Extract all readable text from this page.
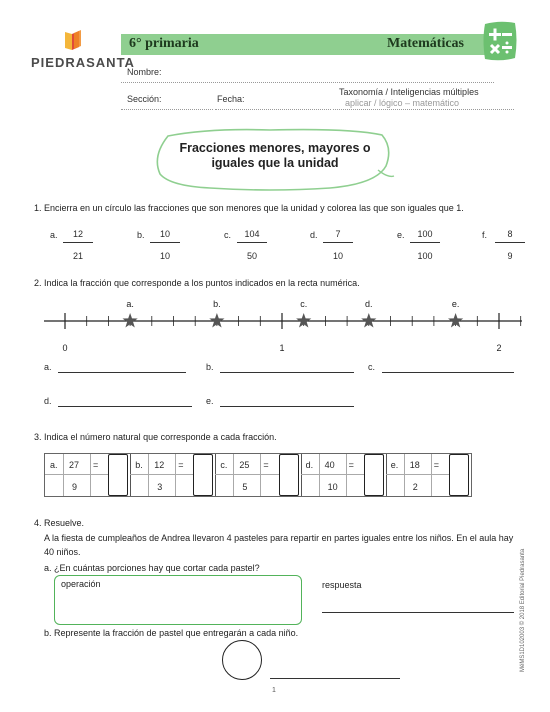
PIEDRASANTA
6° primaria	Matemáticas
Nombre:
Sección:	Fecha:
Taxonomía / Inteligencias múltiples
aplicar / lógico – matemático
Fracciones menores, mayores o
iguales que la unidad
1. Encierra en un círculo las fracciones que son menores que la unidad y colorea las que son iguales que 1.
a. $\frac{12}{21}$	b. $\frac{10}{10}$	c. $\frac{104}{50}$	d. $\frac{7}{10}$	e. $\frac{100}{100}$	f. $\frac{8}{9}$
2. Indica la fracción que corresponde a los puntos indicados en la recta numérica.
0	1	2
a.	b.	c.	d.	e.
a.	b.	c.
d.	e.
3. Indica el número natural que corresponde a cada fracción.
a. 27
9
=	b. 12
3
=	c. 25
5
=	d. 40
10
=	e. 18
2
=
4. Resuelve.
A la fiesta de cumpleaños de Andrea llevaron 4 pasteles para repartir en partes iguales entre los niños. En el aula hay
40 niños.
a. ¿En cuántas porciones hay que cortar cada pastel?
operación	respuesta
b. Represente la fracción de pastel que entregarán a cada niño.
1
MéMS1D102003 © 2018 Editorial Piedrasanta
